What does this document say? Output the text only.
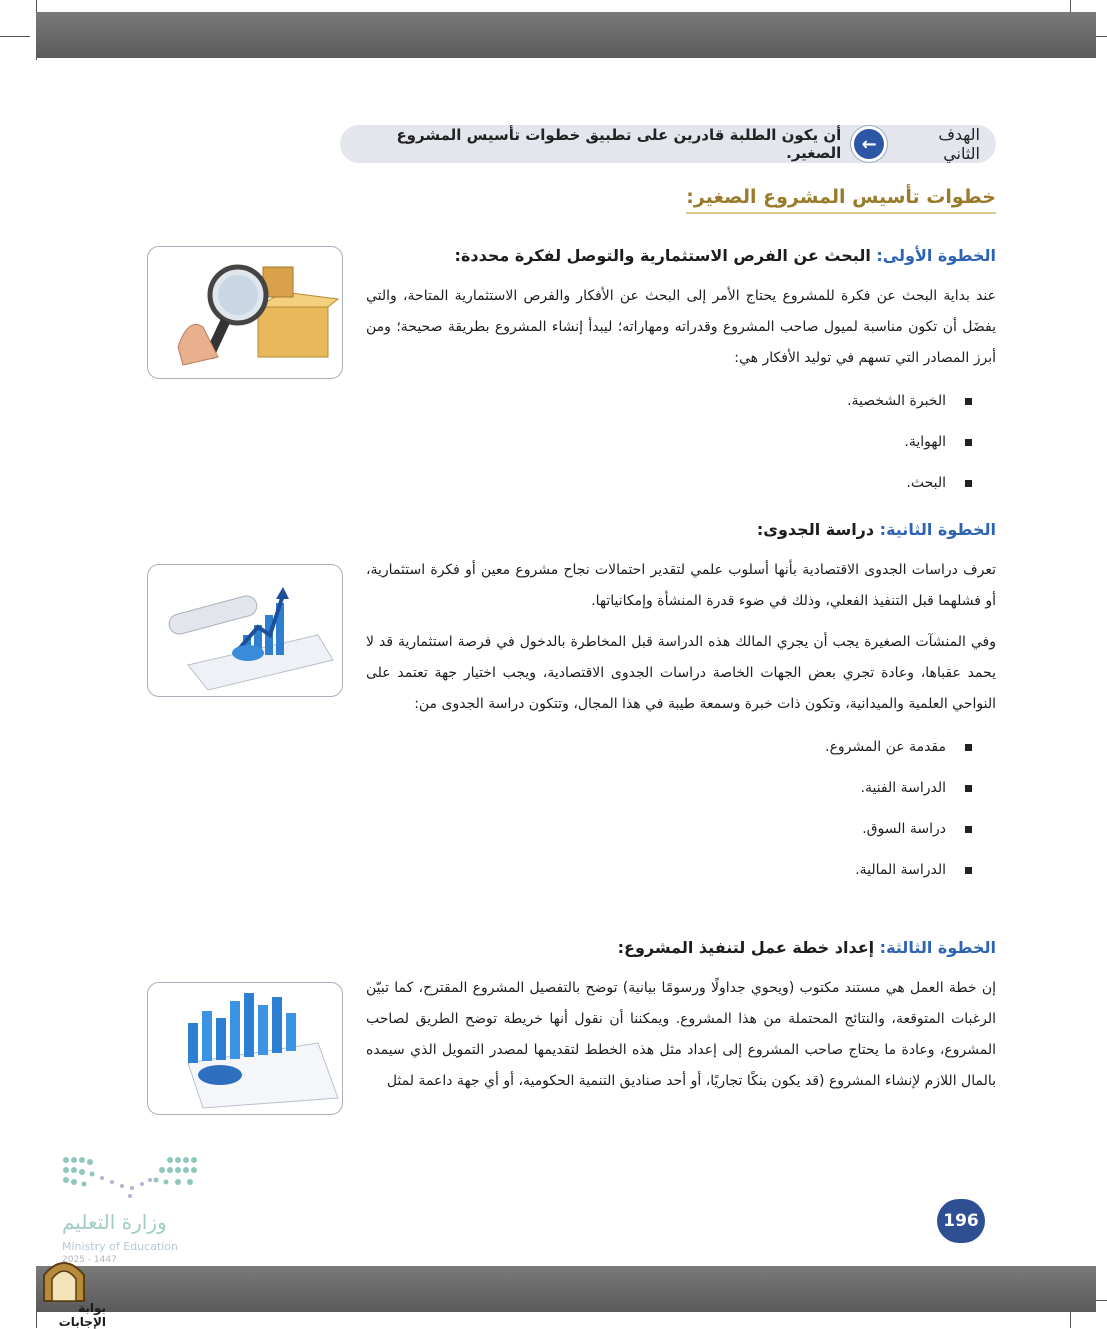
الهدف الثاني
←
أن يكون الطلبة قادرين على تطبيق خطوات تأسيس المشروع الصغير.
خطوات تأسيس المشروع الصغير:
الخطوة الأولى: البحث عن الفرص الاستثمارية والتوصل لفكرة محددة:
عند بداية البحث عن فكرة للمشروع يحتاج الأمر إلى البحث عن الأفكار والفرص الاستثمارية المتاحة، والتي يفضَل أن تكون مناسبة لميول صاحب المشروع وقدراته ومهاراته؛ ليبدأ إنشاء المشروع بطريقة صحيحة؛ ومن أبرز المصادر التي تسهم في توليد الأفكار هي:
الخبرة الشخصية.
الهواية.
البحث.
الخطوة الثانية: دراسة الجدوى:
تعرف دراسات الجدوى الاقتصادية بأنها أسلوب علمي لتقدير احتمالات نجاح مشروع معين أو فكرة استثمارية، أو فشلهما قبل التنفيذ الفعلي، وذلك في ضوء قدرة المنشأة وإمكانياتها.
وفي المنشآت الصغيرة يجب أن يجري المالك هذه الدراسة قبل المخاطرة بالدخول في فرصة استثمارية قد لا يحمد عقباها، وعادة تجري بعض الجهات الخاصة دراسات الجدوى الاقتصادية، ويجب اختيار جهة تعتمد على النواحي العلمية والميدانية، وتكون ذات خبرة وسمعة طيبة في هذا المجال، وتتكون دراسة الجدوى من:
مقدمة عن المشروع.
الدراسة الفنية.
دراسة السوق.
الدراسة المالية.
الخطوة الثالثة: إعداد خطة عمل لتنفيذ المشروع:
إن خطة العمل هي مستند مكتوب (ويحوي جداولًا ورسومًا بيانية) توضح بالتفصيل المشروع المقترح، كما تبيّن الرغبات المتوقعة، والنتائج المحتملة من هذا المشروع. ويمكننا أن نقول أنها خريطة توضح الطريق لصاحب المشروع، وعادة ما يحتاج صاحب المشروع إلى إعداد مثل هذه الخطط لتقديمها لمصدر التمويل الذي سيمده بالمال اللازم لإنشاء المشروع (قد يكون بنكًا تجاريًا، أو أحد صناديق التنمية الحكومية، أو أي جهة داعمة لمثل
وزارة التعليم
Ministry of Education
2025 - 1447
196
بوابة الإجابات
